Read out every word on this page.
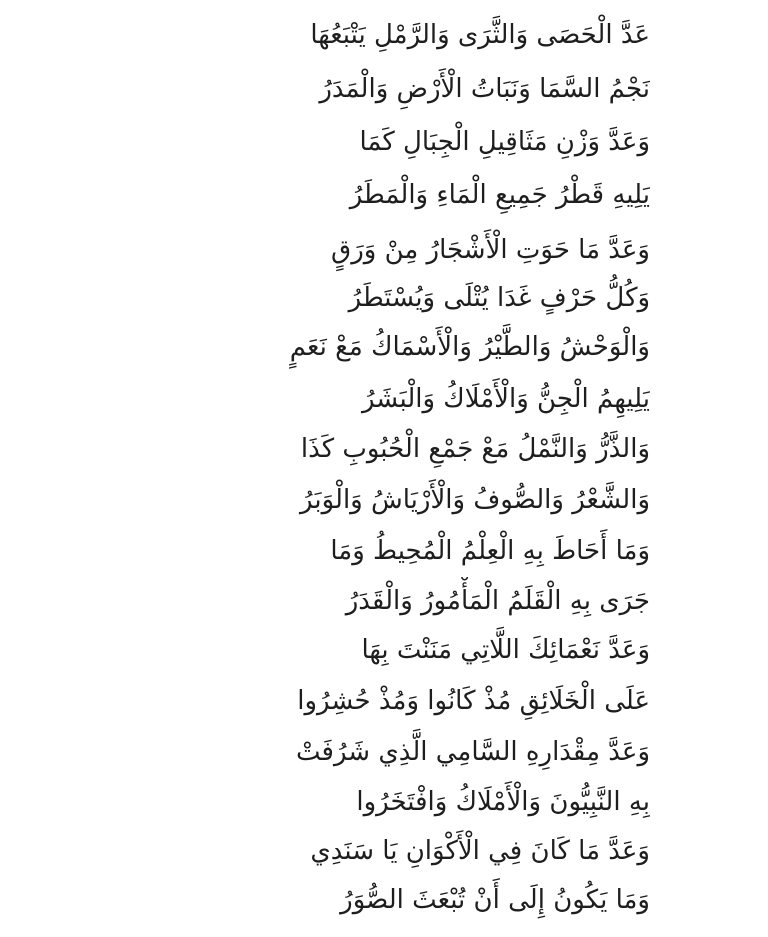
عَدَّ الْحَصَى وَالثَّرَى وَالرَّمْلِ يَتْبَعُهَا
نَجْمُ السَّمَا وَنَبَاتُ الْأَرْضِ وَالْمَدَرُ
وَعَدَّ وَزْنِ مَثَاقِيلِ الْجِبَالِ كَمَا
يَلِيهِ قَطْرُ جَمِيعِ الْمَاءِ وَالْمَطَرُ
وَعَدَّ مَا حَوَتِ الْأَشْجَارُ مِنْ وَرَقٍ
وَكُلُّ حَرْفٍ غَدَا يُتْلَى وَيُسْتَطَرُ
وَالْوَحْشُ وَالطَّيْرُ وَالْأَسْمَاكُ مَعْ نَعَمٍ
يَلِيهِمُ الْجِنُّ وَالْأَمْلَاكُ وَالْبَشَرُ
وَالذَّرُّ وَالنَّمْلُ مَعْ جَمْعِ الْحُبُوبِ كَذَا
وَالشَّعْرُ وَالصُّوفُ وَالْأَرْيَاشُ وَالْوَبَرُ
وَمَا أَحَاطَ بِهِ الْعِلْمُ الْمُحِيطُ وَمَا
جَرَى بِهِ الْقَلَمُ الْمَأْمُورُ وَالْقَدَرُ
وَعَدَّ نَعْمَائِكَ اللَّاتِي مَنَنْتَ بِهَا
عَلَى الْخَلَائِقِ مُذْ كَانُوا وَمُذْ حُشِرُوا
وَعَدَّ مِقْدَارِهِ السَّامِي الَّذِي شَرُفَتْ
بِهِ النَّبِيُّونَ وَالْأَمْلَاكُ وَافْتَخَرُوا
وَعَدَّ مَا كَانَ فِي الْأَكْوَانِ يَا سَنَدِي
وَمَا يَكُونُ إِلَى أَنْ تُبْعَثَ الصُّوَرُ
